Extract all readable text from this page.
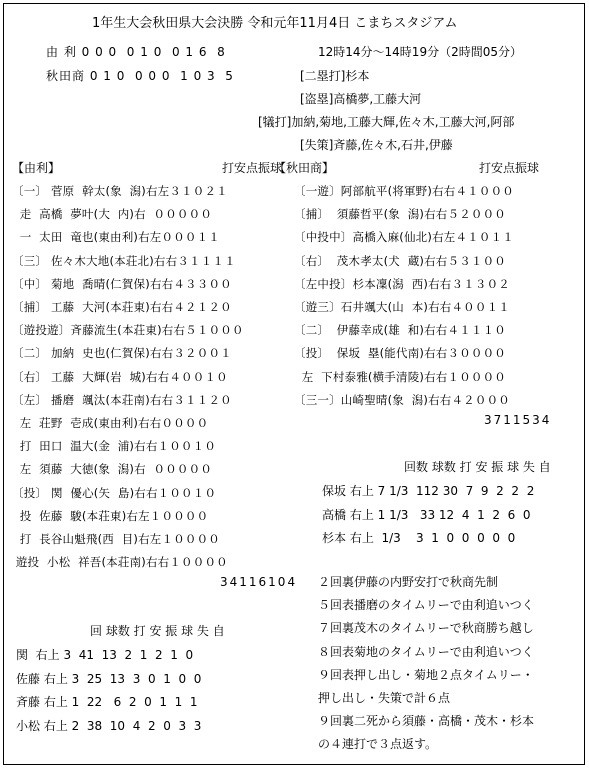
1年生大会秋田県大会決勝 令和元年11月4日 こまちスタジアム
由 利 0 0 0  0 1 0  0 1 6  8
秋田商 0 1 0  0 0 0  1 0 3  5
12時14分～14時19分（2時間05分）
[二塁打]杉本
[盗塁]高橋夢,工藤大河
[犠打]加納,菊地,工藤大輝,佐々木,工藤大河,阿部
[失策]斉藤,佐々木,石井,伊藤
【由利】	打安点振球
【秋田商】	打安点振球
〔一〕 菅原  幹太(象  潟)右左３１０２１
走  高橋  夢叶(大  内)右  ０００００
一  太田  竜也(東由利)右左０００１１
〔三〕 佐々木大地(本荘北)右右３１１１１
〔中〕 菊地  喬晴(仁賀保)右右４３３００
〔捕〕 工藤  大河(本荘東)右右４２１２０
〔遊投遊〕斉藤流生(本荘東)右右５１０００
〔二〕 加納  史也(仁賀保)右右３２００１
〔右〕 工藤  大輝(岩  城)右右４００１０
〔左〕 播磨  颯汰(本荘南)右右３１１２０
左  荘野  壱成(東由利)右右００００
打  田口  温大(金  浦)右右１００１０
左  須藤  大徳(象  潟)右  ０００００
〔投〕 関  優心(矢  島)右右１００１０
投  佐藤  駿(本荘東)右左１００００
打  長谷山魁飛(西  目)右左１００００
遊投  小松  祥吾(本荘南)右右１００００
〔一遊〕阿部航平(将軍野)右右４１０００
〔捕〕  須藤哲平(象  潟)右右５２０００
〔中投中〕高橋入麻(仙北)右左４１０１１
〔右〕  茂木孝太(犬  蔵)右右５３１００
〔左中投〕杉本凜(潟  西)右右３１３０２
〔遊三〕石井颯大(山  本)右右４００１１
〔二〕  伊藤幸成(雄  和)右右４１１１０
〔投〕  保坂  塁(能代南)右右３００００
左  下村泰雅(横手清陵)右右１００００
〔三一〕山崎聖晴(象  潟)右右４２０００
3711534
34116104
回数 球数 打 安 振 球 失 自
保坂 右上 7 1/3  112 30  7  9  2  2  2
高橋 右上 1 1/3   33 12  4  1  2  6  0
杉本 右上  1/3    3  1  0  0  0  0  0
回 球数 打 安 振 球 失 自
関  右上 3  41  13  2  1  2  1  0
佐藤 右上 3  25  13  3  0  1  0  0
斉藤 右上 1  22   6  2  0  1  1  1
小松 右上 2  38  10  4  2  0  3  3
２回裏伊藤の内野安打で秋商先制
５回表播磨のタイムリーで由利追いつく
７回裏茂木のタイムリーで秋商勝ち越し
８回表菊地のタイムリーで由利追いつく
９回表押し出し・菊地２点タイムリー・
押し出し・失策で計６点
９回裏二死から須藤・高橋・茂木・杉本
の４連打で３点返す。
